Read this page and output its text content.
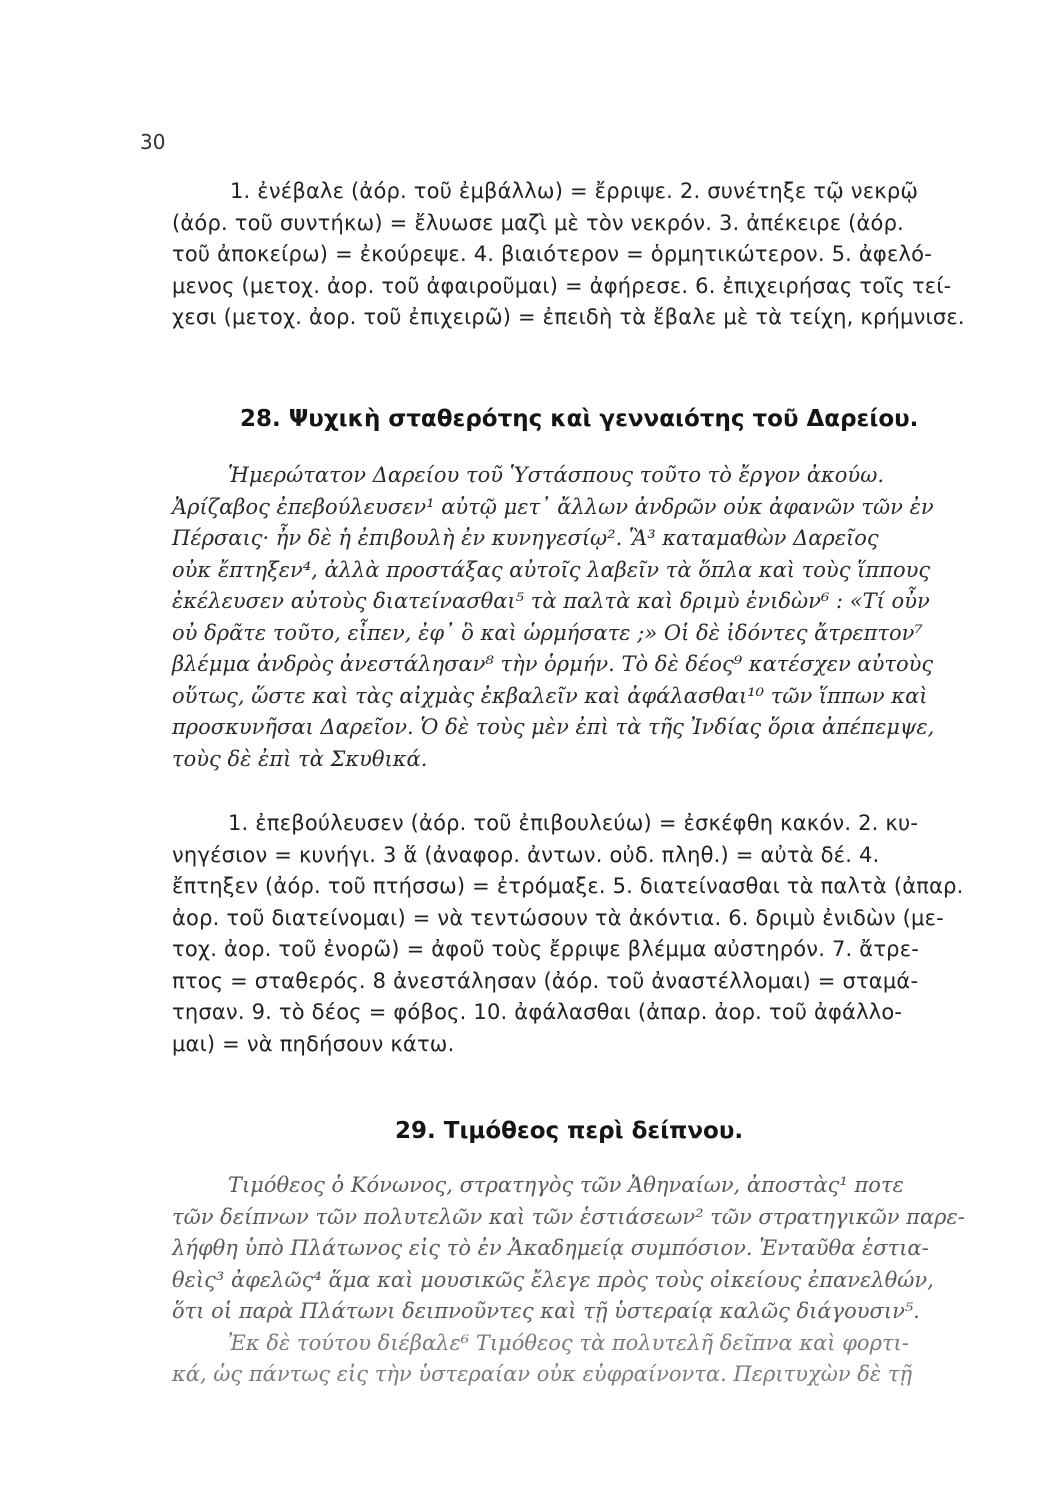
30
1. ἐνέβαλε (ἀόρ. τοῦ ἐμβάλλω) = ἔρριψε. 2. συνέτηξε τῷ νεκρῷ
(ἀόρ. τοῦ συντήκω) = ἔλυωσε μαζὶ μὲ τὸν νεκρόν. 3. ἀπέκειρε (ἀόρ.
τοῦ ἀποκείρω) = ἐκούρεψε. 4. βιαιότερον = ὁρμητικώτερον. 5. ἀφελό-
μενος (μετοχ. ἀορ. τοῦ ἀφαιροῦμαι) = ἀφήρεσε. 6. ἐπιχειρήσας τοῖς τεί-
χεσι (μετοχ. ἀορ. τοῦ ἐπιχειρῶ) = ἐπειδὴ τὰ ἔβαλε μὲ τὰ τείχη, κρήμνισε.
28. Ψυχικὴ σταθερότης καὶ γενναιότης τοῦ Δαρείου.
Ἡμερώτατον Δαρείου τοῦ Ὑστάσπους τοῦτο τὸ ἔργον ἀκούω.
Ἀρίζαβος ἐπεβούλευσεν¹ αὐτῷ μετ᾿ ἄλλων ἀνδρῶν οὐκ ἀφανῶν τῶν ἐν
Πέρσαις· ἦν δὲ ἡ ἐπιβουλὴ ἐν κυνηγεσίῳ². Ἃ³ καταμαθὼν Δαρεῖος
οὐκ ἔπτηξεν⁴, ἀλλὰ προστάξας αὐτοῖς λαβεῖν τὰ ὅπλα καὶ τοὺς ἵππους
ἐκέλευσεν αὐτοὺς διατείνασθαι⁵ τὰ παλτὰ καὶ δριμὺ ἐνιδὼν⁶ : «Τί οὖν
οὐ δρᾶτε τοῦτο, εἶπεν, ἐφ᾿ ὃ καὶ ὡρμήσατε ;» Οἱ δὲ ἰδόντες ἄτρεπτον⁷
βλέμμα ἀνδρὸς ἀνεστάλησαν⁸ τὴν ὁρμήν. Τὸ δὲ δέος⁹ κατέσχεν αὐτοὺς
οὕτως, ὥστε καὶ τὰς αἰχμὰς ἐκβαλεῖν καὶ ἀφάλασθαι¹⁰ τῶν ἵππων καὶ
προσκυνῆσαι Δαρεῖον. Ὁ δὲ τοὺς μὲν ἐπὶ τὰ τῆς Ἰνδίας ὅρια ἀπέπεμψε,
τοὺς δὲ ἐπὶ τὰ Σκυθικά.
1. ἐπεβούλευσεν (ἀόρ. τοῦ ἐπιβουλεύω) = ἐσκέφθη κακόν. 2. κυ-
νηγέσιον = κυνήγι. 3 ἅ (ἀναφορ. ἀντων. οὐδ. πληθ.) = αὐτὰ δέ. 4.
ἔπτηξεν (ἀόρ. τοῦ πτήσσω) = ἐτρόμαξε. 5. διατείνασθαι τὰ παλτὰ (ἀπαρ.
ἀορ. τοῦ διατείνομαι) = νὰ τεντώσουν τὰ ἀκόντια. 6. δριμὺ ἐνιδὼν (με-
τοχ. ἀορ. τοῦ ἐνορῶ) = ἀφοῦ τοὺς ἔρριψε βλέμμα αὐστηρόν. 7. ἄτρε-
πτος = σταθερός. 8 ἀνεστάλησαν (ἀόρ. τοῦ ἀναστέλλομαι) = σταμά-
τησαν. 9. τὸ δέος = φόβος. 10. ἀφάλασθαι (ἀπαρ. ἀορ. τοῦ ἀφάλλο-
μαι) = νὰ πηδήσουν κάτω.
29. Τιμόθεος περὶ δείπνου.
Τιμόθεος ὁ Κόνωνος, στρατηγὸς τῶν Ἀθηναίων, ἀποστὰς¹ ποτε
τῶν δείπνων τῶν πολυτελῶν καὶ τῶν ἑστιάσεων² τῶν στρατηγικῶν παρε-
λήφθη ὑπὸ Πλάτωνος εἰς τὸ ἐν Ἀκαδημείᾳ συμπόσιον. Ἐνταῦθα ἑστια-
θεὶς³ ἀφελῶς⁴ ἅμα καὶ μουσικῶς ἔλεγε πρὸς τοὺς οἰκείους ἐπανελθών,
ὅτι οἱ παρὰ Πλάτωνι δειπνοῦντες καὶ τῇ ὑστεραίᾳ καλῶς διάγουσιν⁵.
Ἐκ δὲ τούτου διέβαλε⁶ Τιμόθεος τὰ πολυτελῆ δεῖπνα καὶ φορτι-
κά, ὡς πάντως εἰς τὴν ὑστεραίαν οὐκ εὐφραίνοντα. Περιτυχὼν δὲ τῇ
